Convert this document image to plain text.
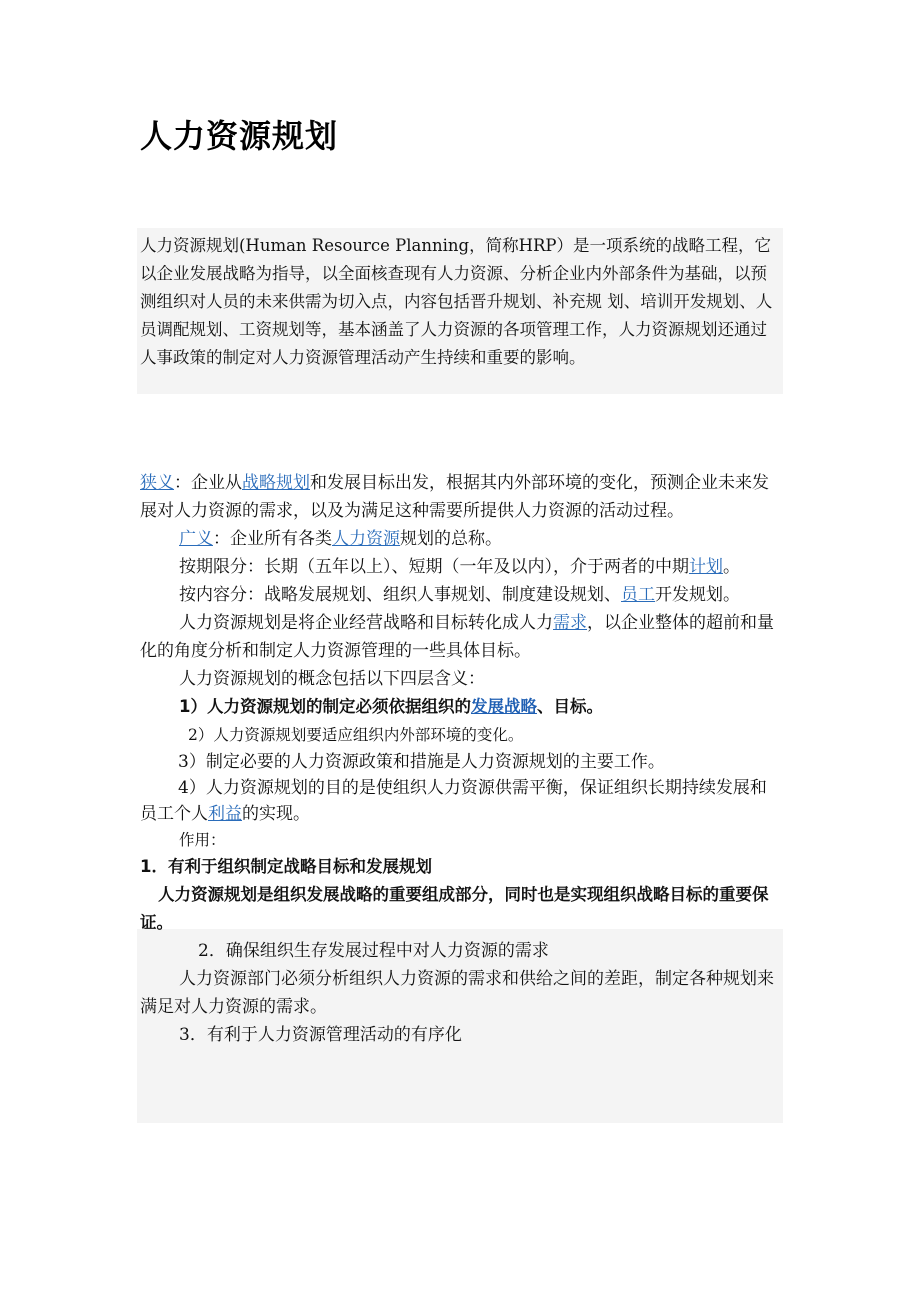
人力资源规划
人力资源规划(Human Resource Planning，简称HRP）是一项系统的战略工程，它以企业发展战略为指导，以全面核查现有人力资源、分析企业内外部条件为基础，以预测组织对人员的未来供需为切入点，内容包括晋升规划、补充规 划、培训开发规划、人员调配规划、工资规划等，基本涵盖了人力资源的各项管理工作，人力资源规划还通过人事政策的制定对人力资源管理活动产生持续和重要的影响。

狭义：企业从战略规划和发展目标出发，根据其内外部环境的变化，预测企业未来发展对人力资源的需求，以及为满足这种需要所提供人力资源的活动过程。

广义：企业所有各类人力资源规划的总称。

按期限分：长期（五年以上）、短期（一年及以内），介于两者的中期计划。

按内容分：战略发展规划、组织人事规划、制度建设规划、员工开发规划。

人力资源规划是将企业经营战略和目标转化成人力需求，以企业整体的超前和量化的角度分析和制定人力资源管理的一些具体目标。

人力资源规划的概念包括以下四层含义：

1）人力资源规划的制定必须依据组织的发展战略、目标。

2）人力资源规划要适应组织内外部环境的变化。

3）制定必要的人力资源政策和措施是人力资源规划的主要工作。

4）人力资源规划的目的是使组织人力资源供需平衡，保证组织长期持续发展和员工个人利益的实现。

作用：

1．有利于组织制定战略目标和发展规划

人力资源规划是组织发展战略的重要组成部分，同时也是实现组织战略目标的重要保证。

2．确保组织生存发展过程中对人力资源的需求

人力资源部门必须分析组织人力资源的需求和供给之间的差距，制定各种规划来满足对人力资源的需求。

3．有利于人力资源管理活动的有序化
